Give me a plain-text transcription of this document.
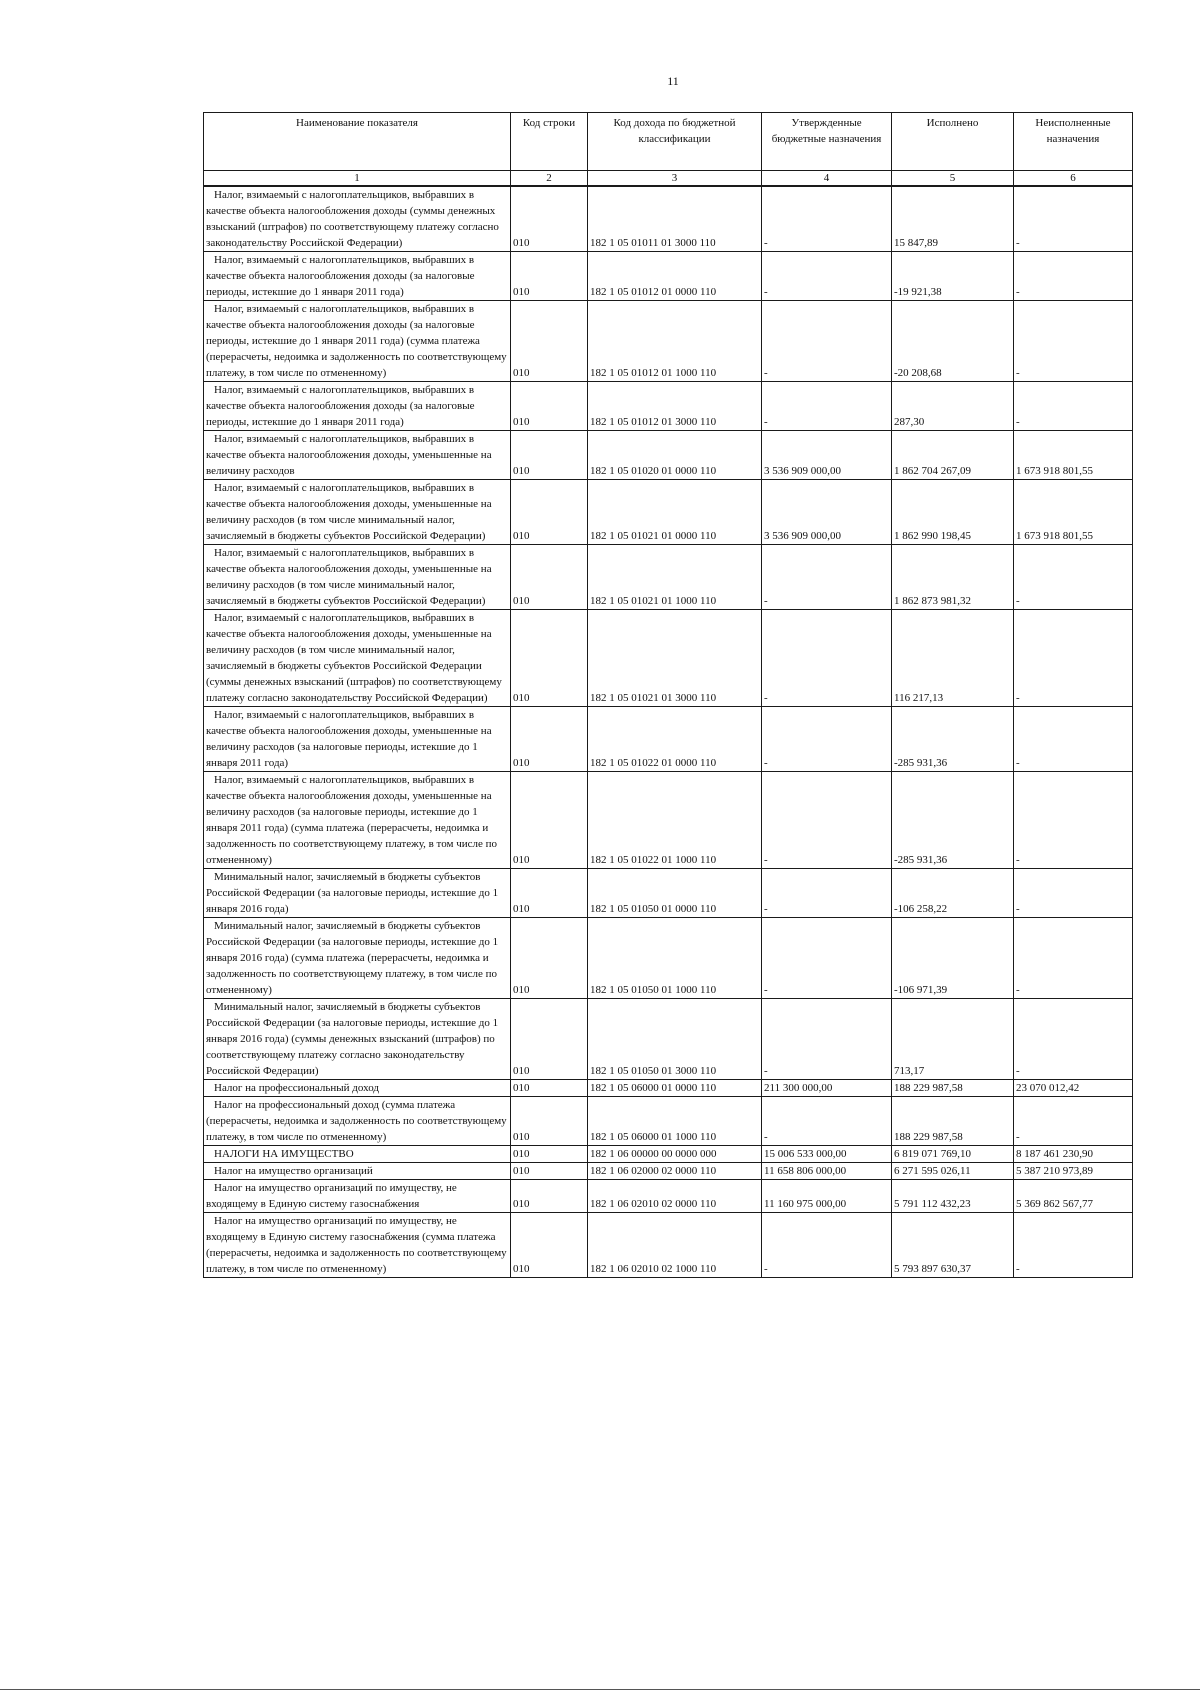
11
Наименование показателя	Код строки	Код дохода по бюджетной классификации	Утвержденные бюджетные назначения	Исполнено	Неисполненные назначения
1	2	3	4	5	6
Налог, взимаемый с налогоплательщиков, выбравших в качестве объекта налогообложения доходы (суммы денежных взысканий (штрафов) по соответствующему платежу согласно законодательству Российской Федерации)	010	182 1 05 01011 01 3000 110	-	15 847,89	-
Налог, взимаемый с налогоплательщиков, выбравших в качестве объекта налогообложения доходы (за налоговые периоды, истекшие до 1 января 2011 года)	010	182 1 05 01012 01 0000 110	-	-19 921,38	-
Налог, взимаемый с налогоплательщиков, выбравших в качестве объекта налогообложения доходы (за налоговые периоды, истекшие до 1 января 2011 года) (сумма платежа (перерасчеты, недоимка и задолженность по соответствующему платежу, в том числе по отмененному)	010	182 1 05 01012 01 1000 110	-	-20 208,68	-
Налог, взимаемый с налогоплательщиков, выбравших в качестве объекта налогообложения доходы (за налоговые периоды, истекшие до 1 января 2011 года)	010	182 1 05 01012 01 3000 110	-	287,30	-
Налог, взимаемый с налогоплательщиков, выбравших в качестве объекта налогообложения доходы, уменьшенные на величину расходов	010	182 1 05 01020 01 0000 110	3 536 909 000,00	1 862 704 267,09	1 673 918 801,55
Налог, взимаемый с налогоплательщиков, выбравших в качестве объекта налогообложения доходы, уменьшенные на величину расходов (в том числе минимальный налог, зачисляемый в бюджеты субъектов Российской Федерации)	010	182 1 05 01021 01 0000 110	3 536 909 000,00	1 862 990 198,45	1 673 918 801,55
Налог, взимаемый с налогоплательщиков, выбравших в качестве объекта налогообложения доходы, уменьшенные на величину расходов (в том числе минимальный налог, зачисляемый в бюджеты субъектов Российской Федерации)	010	182 1 05 01021 01 1000 110	-	1 862 873 981,32	-
Налог, взимаемый с налогоплательщиков, выбравших в качестве объекта налогообложения доходы, уменьшенные на величину расходов (в том числе минимальный налог, зачисляемый в бюджеты субъектов Российской Федерации (суммы денежных взысканий (штрафов) по соответствующему платежу согласно законодательству Российской Федерации)	010	182 1 05 01021 01 3000 110	-	116 217,13	-
Налог, взимаемый с налогоплательщиков, выбравших в качестве объекта налогообложения доходы, уменьшенные на величину расходов (за налоговые периоды, истекшие до 1 января 2011 года)	010	182 1 05 01022 01 0000 110	-	-285 931,36	-
Налог, взимаемый с налогоплательщиков, выбравших в качестве объекта налогообложения доходы, уменьшенные на величину расходов (за налоговые периоды, истекшие до 1 января 2011 года) (сумма платежа (перерасчеты, недоимка и задолженность по соответствующему платежу, в том числе по отмененному)	010	182 1 05 01022 01 1000 110	-	-285 931,36	-
Минимальный налог, зачисляемый в бюджеты субъектов Российской Федерации (за налоговые периоды, истекшие до 1 января 2016 года)	010	182 1 05 01050 01 0000 110	-	-106 258,22	-
Минимальный налог, зачисляемый в бюджеты субъектов Российской Федерации (за налоговые периоды, истекшие до 1 января 2016 года) (сумма платежа (перерасчеты, недоимка и задолженность по соответствующему платежу, в том числе по отмененному)	010	182 1 05 01050 01 1000 110	-	-106 971,39	-
Минимальный налог, зачисляемый в бюджеты субъектов Российской Федерации (за налоговые периоды, истекшие до 1 января 2016 года) (суммы денежных взысканий (штрафов) по соответствующему платежу согласно законодательству Российской Федерации)	010	182 1 05 01050 01 3000 110	-	713,17	-
Налог на профессиональный доход	010	182 1 05 06000 01 0000 110	211 300 000,00	188 229 987,58	23 070 012,42
Налог на профессиональный доход (сумма платежа (перерасчеты, недоимка и задолженность по соответствующему платежу, в том числе по отмененному)	010	182 1 05 06000 01 1000 110	-	188 229 987,58	-
НАЛОГИ НА ИМУЩЕСТВО	010	182 1 06 00000 00 0000 000	15 006 533 000,00	6 819 071 769,10	8 187 461 230,90
Налог на имущество организаций	010	182 1 06 02000 02 0000 110	11 658 806 000,00	6 271 595 026,11	5 387 210 973,89
Налог на имущество организаций по имуществу, не входящему в Единую систему газоснабжения	010	182 1 06 02010 02 0000 110	11 160 975 000,00	5 791 112 432,23	5 369 862 567,77
Налог на имущество организаций по имуществу, не входящему в Единую систему газоснабжения (сумма платежа (перерасчеты, недоимка и задолженность по соответствующему платежу, в том числе по отмененному)	010	182 1 06 02010 02 1000 110	-	5 793 897 630,37	-
